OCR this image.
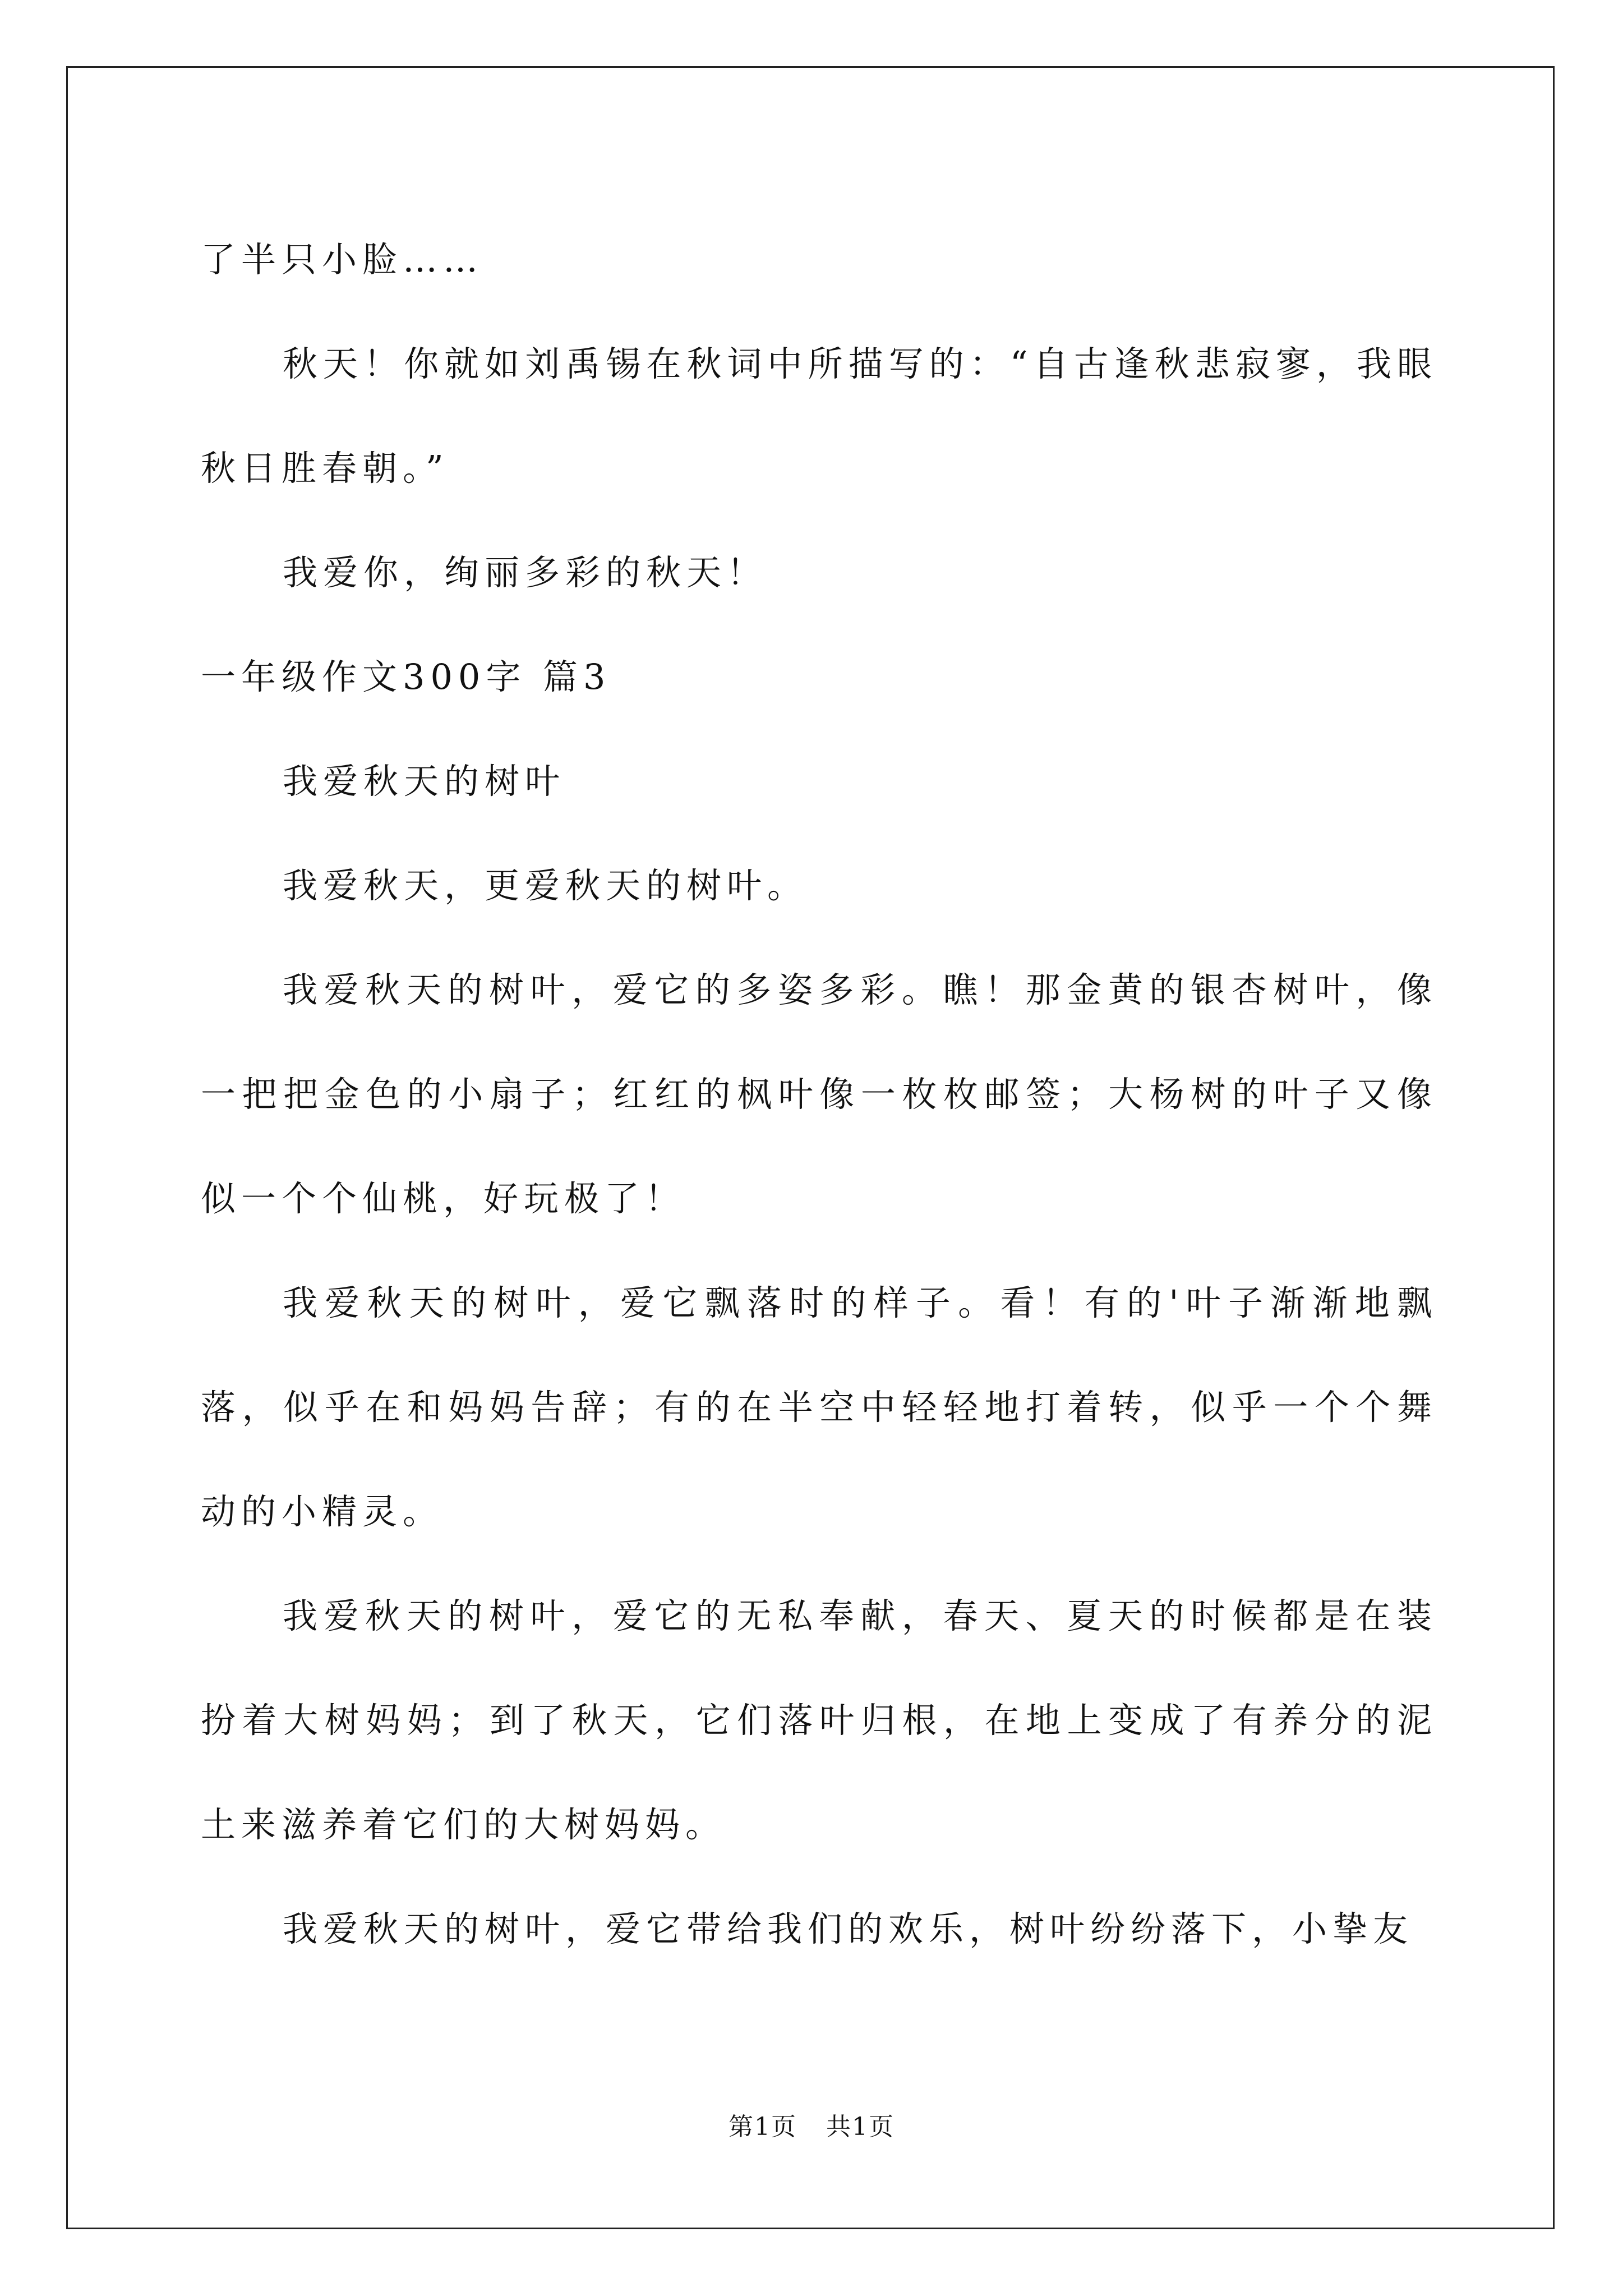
了半只小脸……

秋天！你就如刘禹锡在秋词中所描写的：“自古逢秋悲寂寥，我眼秋日胜春朝。”

我爱你，绚丽多彩的秋天！

一年级作文300字 篇3

我爱秋天的树叶

我爱秋天，更爱秋天的树叶。

我爱秋天的树叶，爱它的多姿多彩。瞧！那金黄的银杏树叶，像一把把金色的小扇子；红红的枫叶像一枚枚邮签；大杨树的叶子又像似一个个仙桃，好玩极了！

我爱秋天的树叶，爱它飘落时的样子。看！有的'叶子渐渐地飘落，似乎在和妈妈告辞；有的在半空中轻轻地打着转，似乎一个个舞动的小精灵。

我爱秋天的树叶，爱它的无私奉献，春天、夏天的时候都是在装扮着大树妈妈；到了秋天，它们落叶归根，在地上变成了有养分的泥土来滋养着它们的大树妈妈。

我爱秋天的树叶，爱它带给我们的欢乐，树叶纷纷落下，小挚友

第1页 共1页
